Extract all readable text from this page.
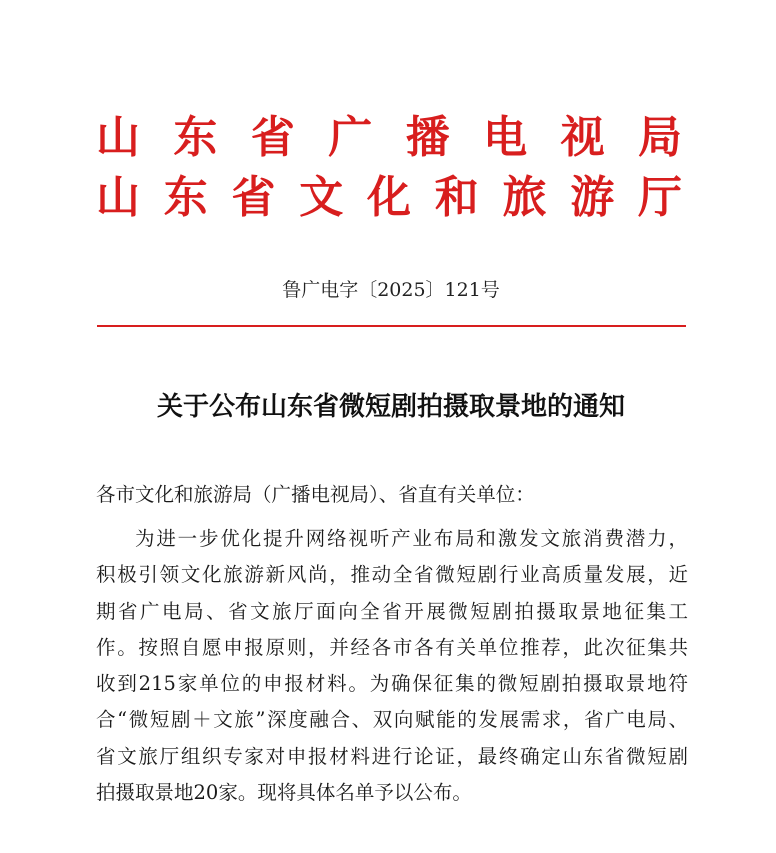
山东省广播电视局
山东省文化和旅游厅
鲁广电字〔2025〕121号
关于公布山东省微短剧拍摄取景地的通知
各市文化和旅游局（广播电视局）、省直有关单位：
为进一步优化提升网络视听产业布局和激发文旅消费潜力，
积极引领文化旅游新风尚，推动全省微短剧行业高质量发展，近
期省广电局、省文旅厅面向全省开展微短剧拍摄取景地征集工
作。按照自愿申报原则，并经各市各有关单位推荐，此次征集共
收到215家单位的申报材料。为确保征集的微短剧拍摄取景地符
合“微短剧＋文旅”深度融合、双向赋能的发展需求，省广电局、
省文旅厅组织专家对申报材料进行论证，最终确定山东省微短剧
拍摄取景地20家。现将具体名单予以公布。
